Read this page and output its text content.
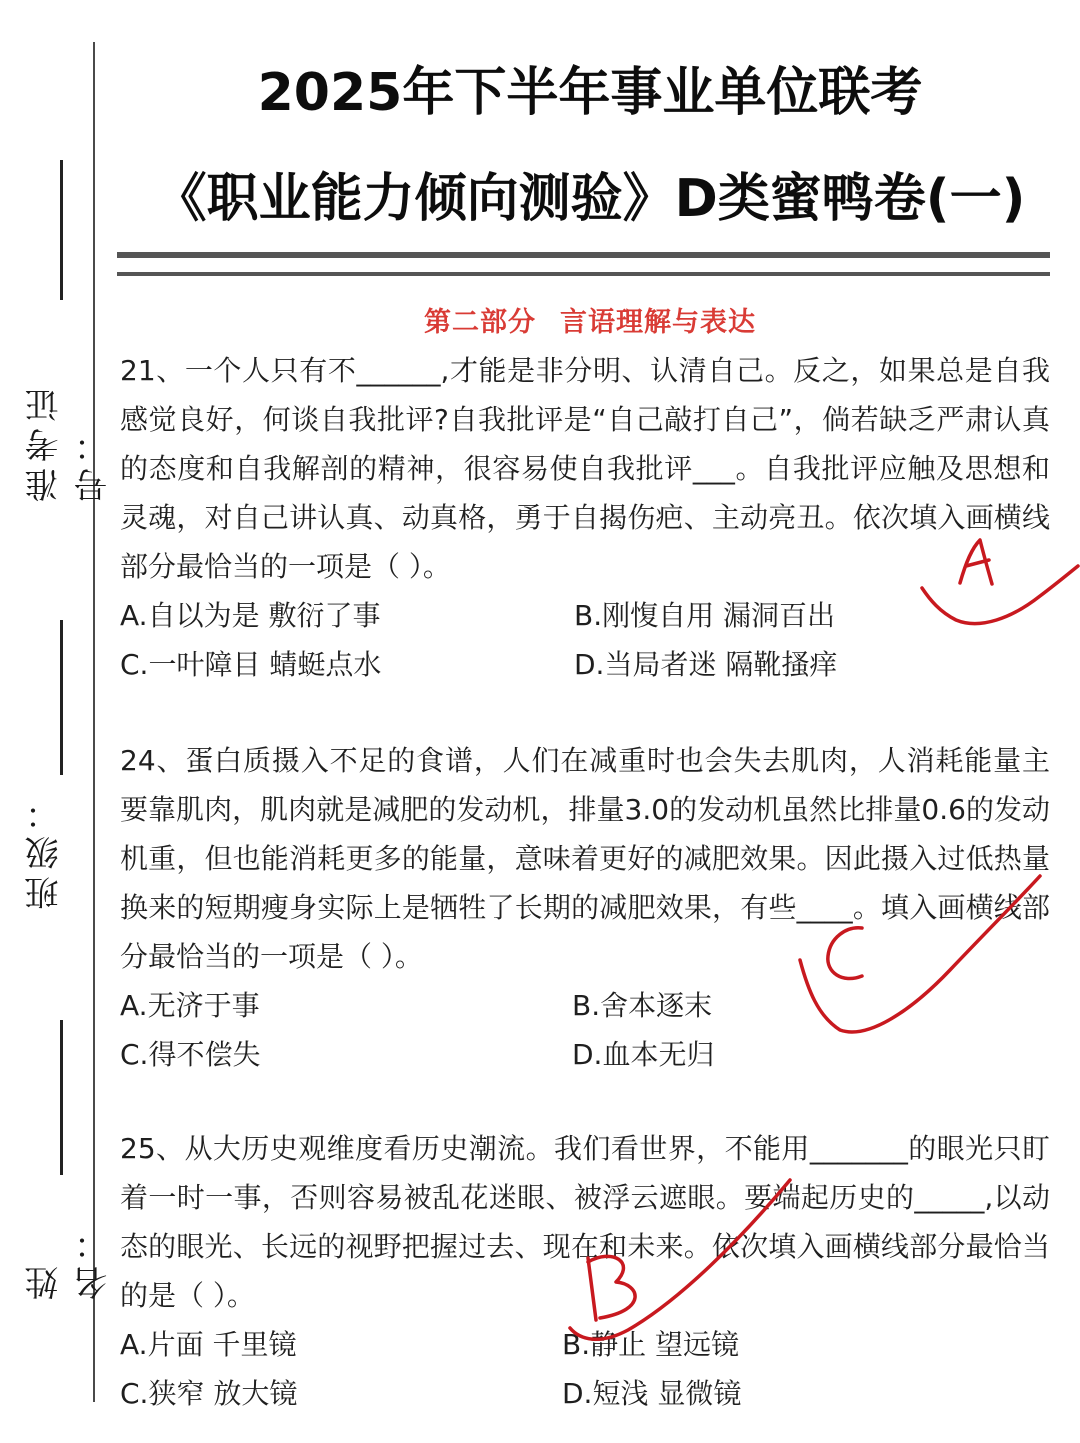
准考证号：
班级：
姓名：
2025年下半年事业单位联考
《职业能力倾向测验》D类蜜鸭卷(一)
第二部分 言语理解与表达

21、一个人只有不______,才能是非分明、认清自己。反之，如果总是自我感觉良好，何谈自我批评?自我批评是“自己敲打自己”，倘若缺乏严肃认真的态度和自我解剖的精神，很容易使自我批评___。自我批评应触及思想和灵魂，对自己讲认真、动真格，勇于自揭伤疤、主动亮丑。依次填入画横线部分最恰当的一项是（ ）。

A.自以为是 敷衍了事	B.刚愎自用 漏洞百出
C.一叶障目 蜻蜓点水	D.当局者迷 隔靴搔痒

24、蛋白质摄入不足的食谱，人们在减重时也会失去肌肉，人消耗能量主要靠肌肉，肌肉就是减肥的发动机，排量3.0的发动机虽然比排量0.6的发动机重，但也能消耗更多的能量，意味着更好的减肥效果。因此摄入过低热量换来的短期瘦身实际上是牺牲了长期的减肥效果，有些____。填入画横线部分最恰当的一项是（ ）。

A.无济于事	B.舍本逐末
C.得不偿失	D.血本无归

25、从大历史观维度看历史潮流。我们看世界，不能用_______的眼光只盯着一时一事，否则容易被乱花迷眼、被浮云遮眼。要端起历史的_____,以动态的眼光、长远的视野把握过去、现在和未来。依次填入画横线部分最恰当的是（ ）。

A.片面 千里镜	B.静止 望远镜
C.狭窄 放大镜	D.短浅 显微镜
